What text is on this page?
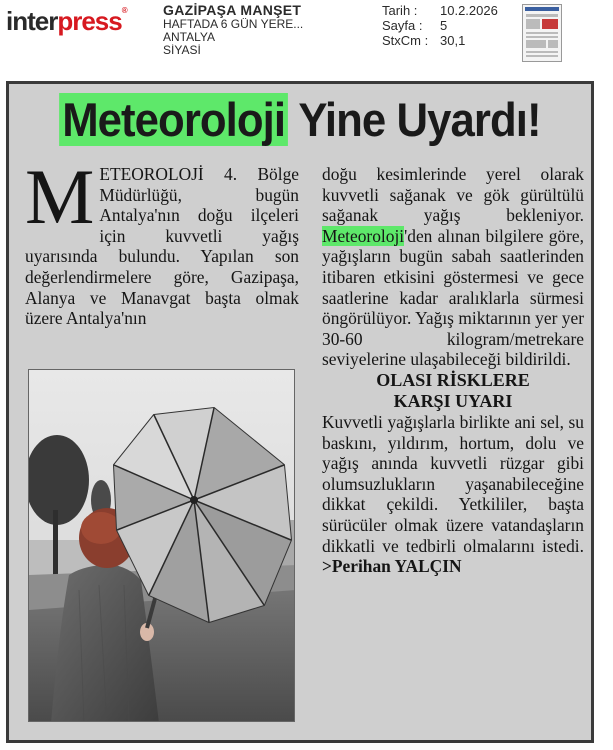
interpress®	GAZİPAŞA MANŞET
HAFTADA 6 GÜN YERE...
ANTALYA
SİYASİ
Tarih :	10.2.2026
Sayfa :	5
StxCm : 30,1
Meteoroloji Yine Uyardı!
METEOROLOJİ 4. Bölge Müdürlüğü, bugün Antalya'nın doğu ilçeleri için kuvvetli yağış uyarısında bulundu. Yapılan son değerlendirmelere göre, Gazipaşa, Alanya ve Manavgat başta olmak üzere Antalya'nın
doğu kesimlerinde yerel olarak kuvvetli sağanak ve gök gürültülü sağanak yağış bekleniyor. Meteoroloji'den alınan bilgilere göre, yağışların bugün sabah saatlerinden itibaren etkisini göstermesi ve gece saatlerine kadar aralıklarla sürmesi öngörülüyor. Yağış miktarının yer yer 30-60 kilogram/metrekare seviyelerine ulaşabileceği bildirildi.
OLASI RİSKLERE
KARŞI UYARI
Kuvvetli yağışlarla birlikte ani sel, su baskını, yıldırım, hortum, dolu ve yağış anında kuvvetli rüzgar gibi olumsuzlukların yaşanabileceğine dikkat çekildi. Yetkililer, başta sürücüler olmak üzere vatandaşların dikkatli ve tedbirli olmalarını istedi. >Perihan YALÇIN
